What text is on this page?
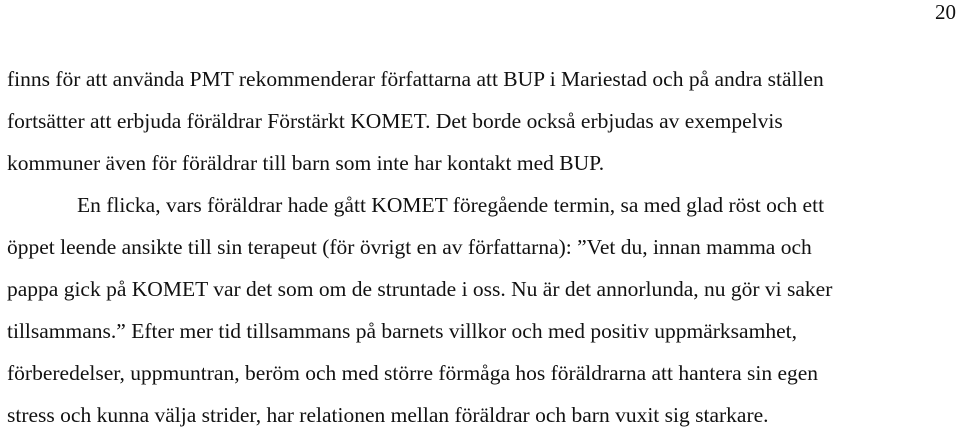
20
finns för att använda PMT rekommenderar författarna att BUP i Mariestad och på andra ställen
fortsätter att erbjuda föräldrar Förstärkt KOMET. Det borde också erbjudas av exempelvis
kommuner även för föräldrar till barn som inte har kontakt med BUP.
En flicka, vars föräldrar hade gått KOMET föregående termin, sa med glad röst och ett
öppet leende ansikte till sin terapeut (för övrigt en av författarna): ”Vet du, innan mamma och
pappa gick på KOMET var det som om de struntade i oss. Nu är det annorlunda, nu gör vi saker
tillsammans.” Efter mer tid tillsammans på barnets villkor och med positiv uppmärksamhet,
förberedelser, uppmuntran, beröm och med större förmåga hos föräldrarna att hantera sin egen
stress och kunna välja strider, har relationen mellan föräldrar och barn vuxit sig starkare.
